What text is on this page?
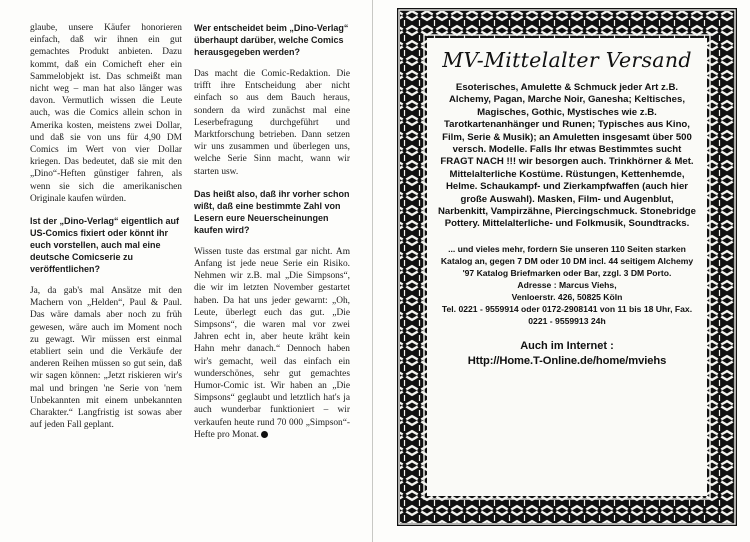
glaube, unsere Käufer honorieren einfach, daß wir ihnen ein gut gemachtes Produkt anbieten. Dazu kommt, daß ein Comicheft eher ein Sammelobjekt ist. Das schmeißt man nicht weg – man hat also länger was davon. Vermutlich wissen die Leute auch, was die Comics allein schon in Amerika kosten, meistens zwei Dollar, und daß sie von uns für 4,90 DM Comics im Wert von vier Dollar kriegen. Das bedeutet, daß sie mit den „Dino“-Heften günstiger fahren, als wenn sie sich die amerikanischen Originale kaufen würden.

Ist der „Dino-Verlag“ eigentlich auf US-Comics fixiert oder könnt ihr euch vorstellen, auch mal eine deutsche Comicserie zu veröffentlichen?

Ja, da gab's mal Ansätze mit den Machern von „Helden“, Paul & Paul. Das wäre damals aber noch zu früh gewesen, wäre auch im Moment noch zu gewagt. Wir müssen erst einmal etabliert sein und die Verkäufe der anderen Reihen müssen so gut sein, daß wir sagen können: „Jetzt riskieren wir's mal und bringen 'ne Serie von 'nem Unbekannten mit einem unbekannten Charakter.“ Langfristig ist sowas aber auf jeden Fall geplant.

Wer entscheidet beim „Dino-Verlag“ überhaupt darüber, welche Comics herausgegeben werden?

Das macht die Comic-Redaktion. Die trifft ihre Entscheidung aber nicht einfach so aus dem Bauch heraus, sondern da wird zunächst mal eine Leserbefragung durchgeführt und Marktforschung betrieben. Dann setzen wir uns zusammen und überlegen uns, welche Serie Sinn macht, wann wir starten usw.

Das heißt also, daß ihr vorher schon wißt, daß eine bestimmte Zahl von Lesern eure Neuerscheinungen kaufen wird?

Wissen tuste das erstmal gar nicht. Am Anfang ist jede neue Serie ein Risiko. Nehmen wir z.B. mal „Die Simpsons“, die wir im letzten November gestartet haben. Da hat uns jeder gewarnt: „Oh, Leute, überlegt euch das gut. „Die Simpsons“, die waren mal vor zwei Jahren echt in, aber heute kräht kein Hahn mehr danach.“ Dennoch haben wir's gemacht, weil das einfach ein wunderschönes, sehr gut gemachtes Humor-Comic ist. Wir haben an „Die Simpsons“ geglaubt und letztlich hat's ja auch wunderbar funktioniert – wir verkaufen heute rund 70 000 „Simpson“-Hefte pro Monat.

MV-Mittelalter Versand
Esoterisches, Amulette & Schmuck jeder Art z.B. Alchemy, Pagan, Marche Noir, Ganesha; Keltisches, Magisches, Gothic, Mystisches wie z.B. Tarotkartenanhänger und Runen; Typisches aus Kino, Film, Serie & Musik); an Amuletten insgesamt über 500 versch. Modelle. Falls Ihr etwas Bestimmtes sucht FRAGT NACH !!! wir besorgen auch. Trinkhörner & Met. Mittelalterliche Kostüme. Rüstungen, Kettenhemde, Helme. Schaukampf- und Zierkampfwaffen (auch hier große Auswahl). Masken, Film- und Augenblut, Narbenkitt, Vampirzähne, Piercingschmuck. Stonebridge Pottery. Mittelalterliche- und Folkmusik, Soundtracks.
... und vieles mehr, fordern Sie unseren 110 Seiten starken Katalog an, gegen 7 DM oder 10 DM incl. 44 seitigem Alchemy '97 Katalog Briefmarken oder Bar, zzgl. 3 DM Porto.
Adresse : Marcus Viehs,
Venloerstr. 426, 50825 Köln
Tel. 0221 - 9559914 oder 0172-2908141 von 11 bis 18 Uhr, Fax. 0221 - 9559913 24h
Auch im Internet :
Http://Home.T-Online.de/home/mviehs
